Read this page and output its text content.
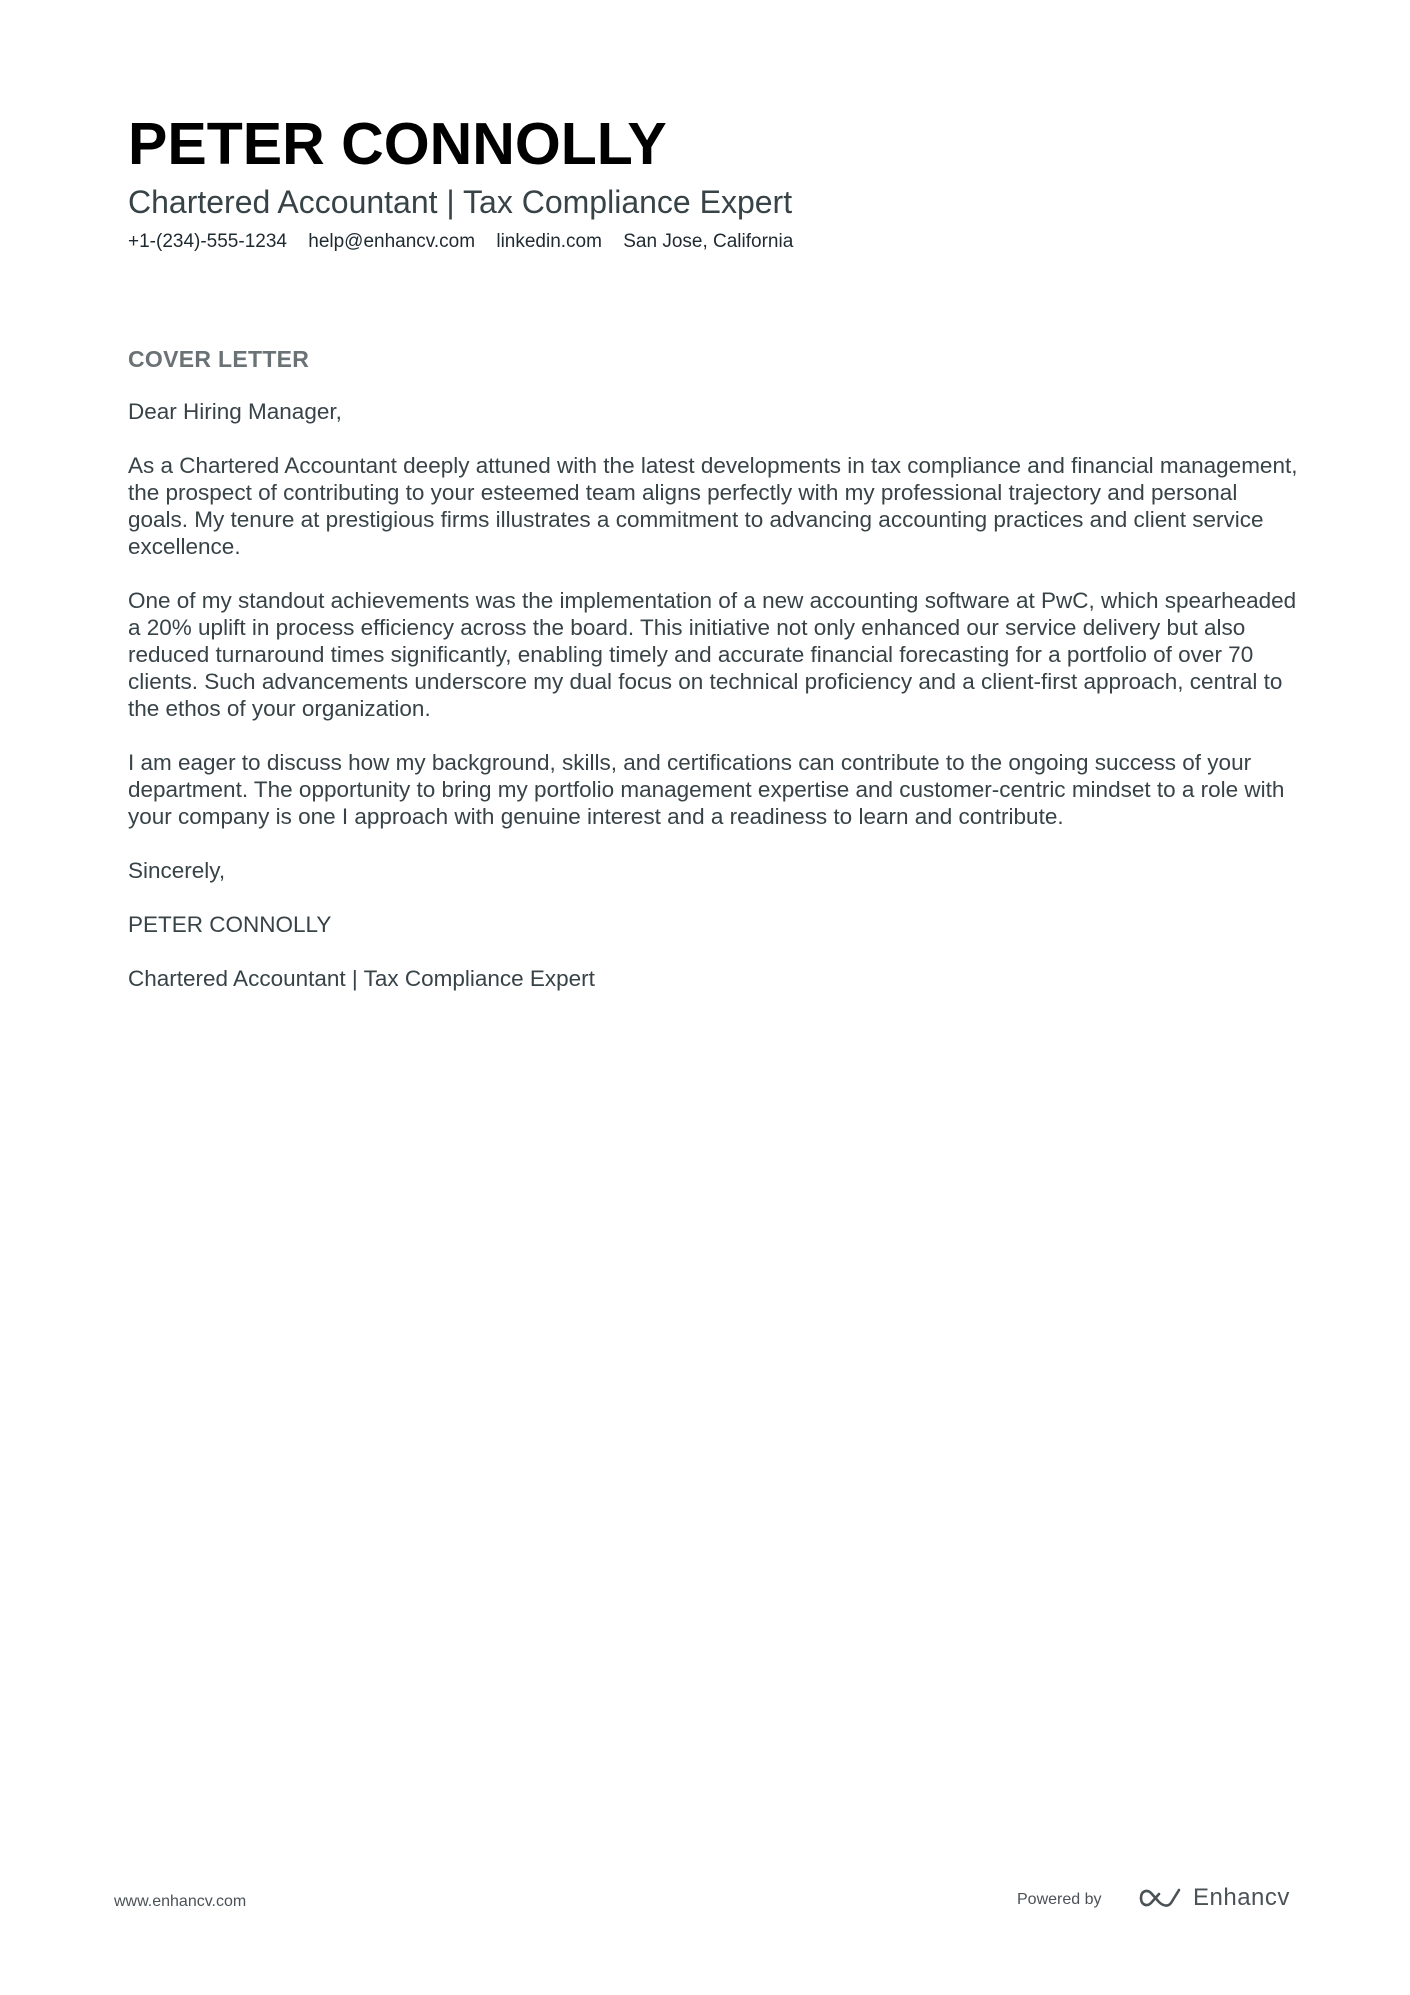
PETER CONNOLLY
Chartered Accountant | Tax Compliance Expert
+1-(234)-555-1234 help@enhancv.com linkedin.com San Jose, California
COVER LETTER

Dear Hiring Manager,

As a Chartered Accountant deeply attuned with the latest developments in tax compliance and financial management, the prospect of contributing to your esteemed team aligns perfectly with my professional trajectory and personal goals. My tenure at prestigious firms illustrates a commitment to advancing accounting practices and client service excellence.

One of my standout achievements was the implementation of a new accounting software at PwC, which spearheaded a 20% uplift in process efficiency across the board. This initiative not only enhanced our service delivery but also reduced turnaround times significantly, enabling timely and accurate financial forecasting for a portfolio of over 70 clients. Such advancements underscore my dual focus on technical proficiency and a client-first approach, central to the ethos of your organization.

I am eager to discuss how my background, skills, and certifications can contribute to the ongoing success of your department. The opportunity to bring my portfolio management expertise and customer-centric mindset to a role with your company is one I approach with genuine interest and a readiness to learn and contribute.

Sincerely,

PETER CONNOLLY

Chartered Accountant | Tax Compliance Expert

www.enhancv.com	Powered by	Enhancv
